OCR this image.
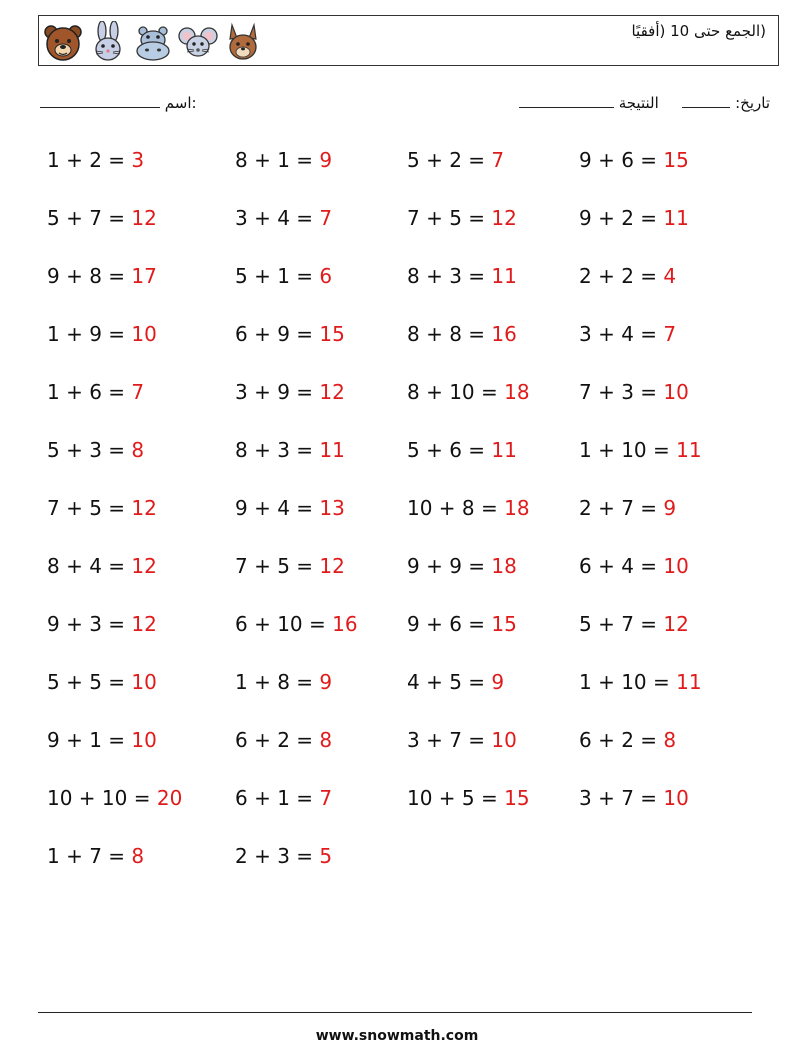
(الجمع حتى 10 (أفقيًا
اسم:	تاريخ:   النتيجة
1 + 2 = 3	8 + 1 = 9	5 + 2 = 7	9 + 6 = 15
5 + 7 = 12	3 + 4 = 7	7 + 5 = 12	9 + 2 = 11
9 + 8 = 17	5 + 1 = 6	8 + 3 = 11	2 + 2 = 4
1 + 9 = 10	6 + 9 = 15	8 + 8 = 16	3 + 4 = 7
1 + 6 = 7	3 + 9 = 12	8 + 10 = 18 7 + 3 = 10
5 + 3 = 8	8 + 3 = 11	5 + 6 = 11	1 + 10 = 11
7 + 5 = 12	9 + 4 = 13	10 + 8 = 18 2 + 7 = 9
8 + 4 = 12	7 + 5 = 12	9 + 9 = 18	6 + 4 = 10
9 + 3 = 12	6 + 10 = 16 9 + 6 = 15	5 + 7 = 12
5 + 5 = 10	1 + 8 = 9	4 + 5 = 9	1 + 10 = 11
9 + 1 = 10	6 + 2 = 8	3 + 7 = 10	6 + 2 = 8
10 + 10 = 20	6 + 1 = 7	10 + 5 = 15 3 + 7 = 10
1 + 7 = 8	2 + 3 = 5
www.snowmath.com
